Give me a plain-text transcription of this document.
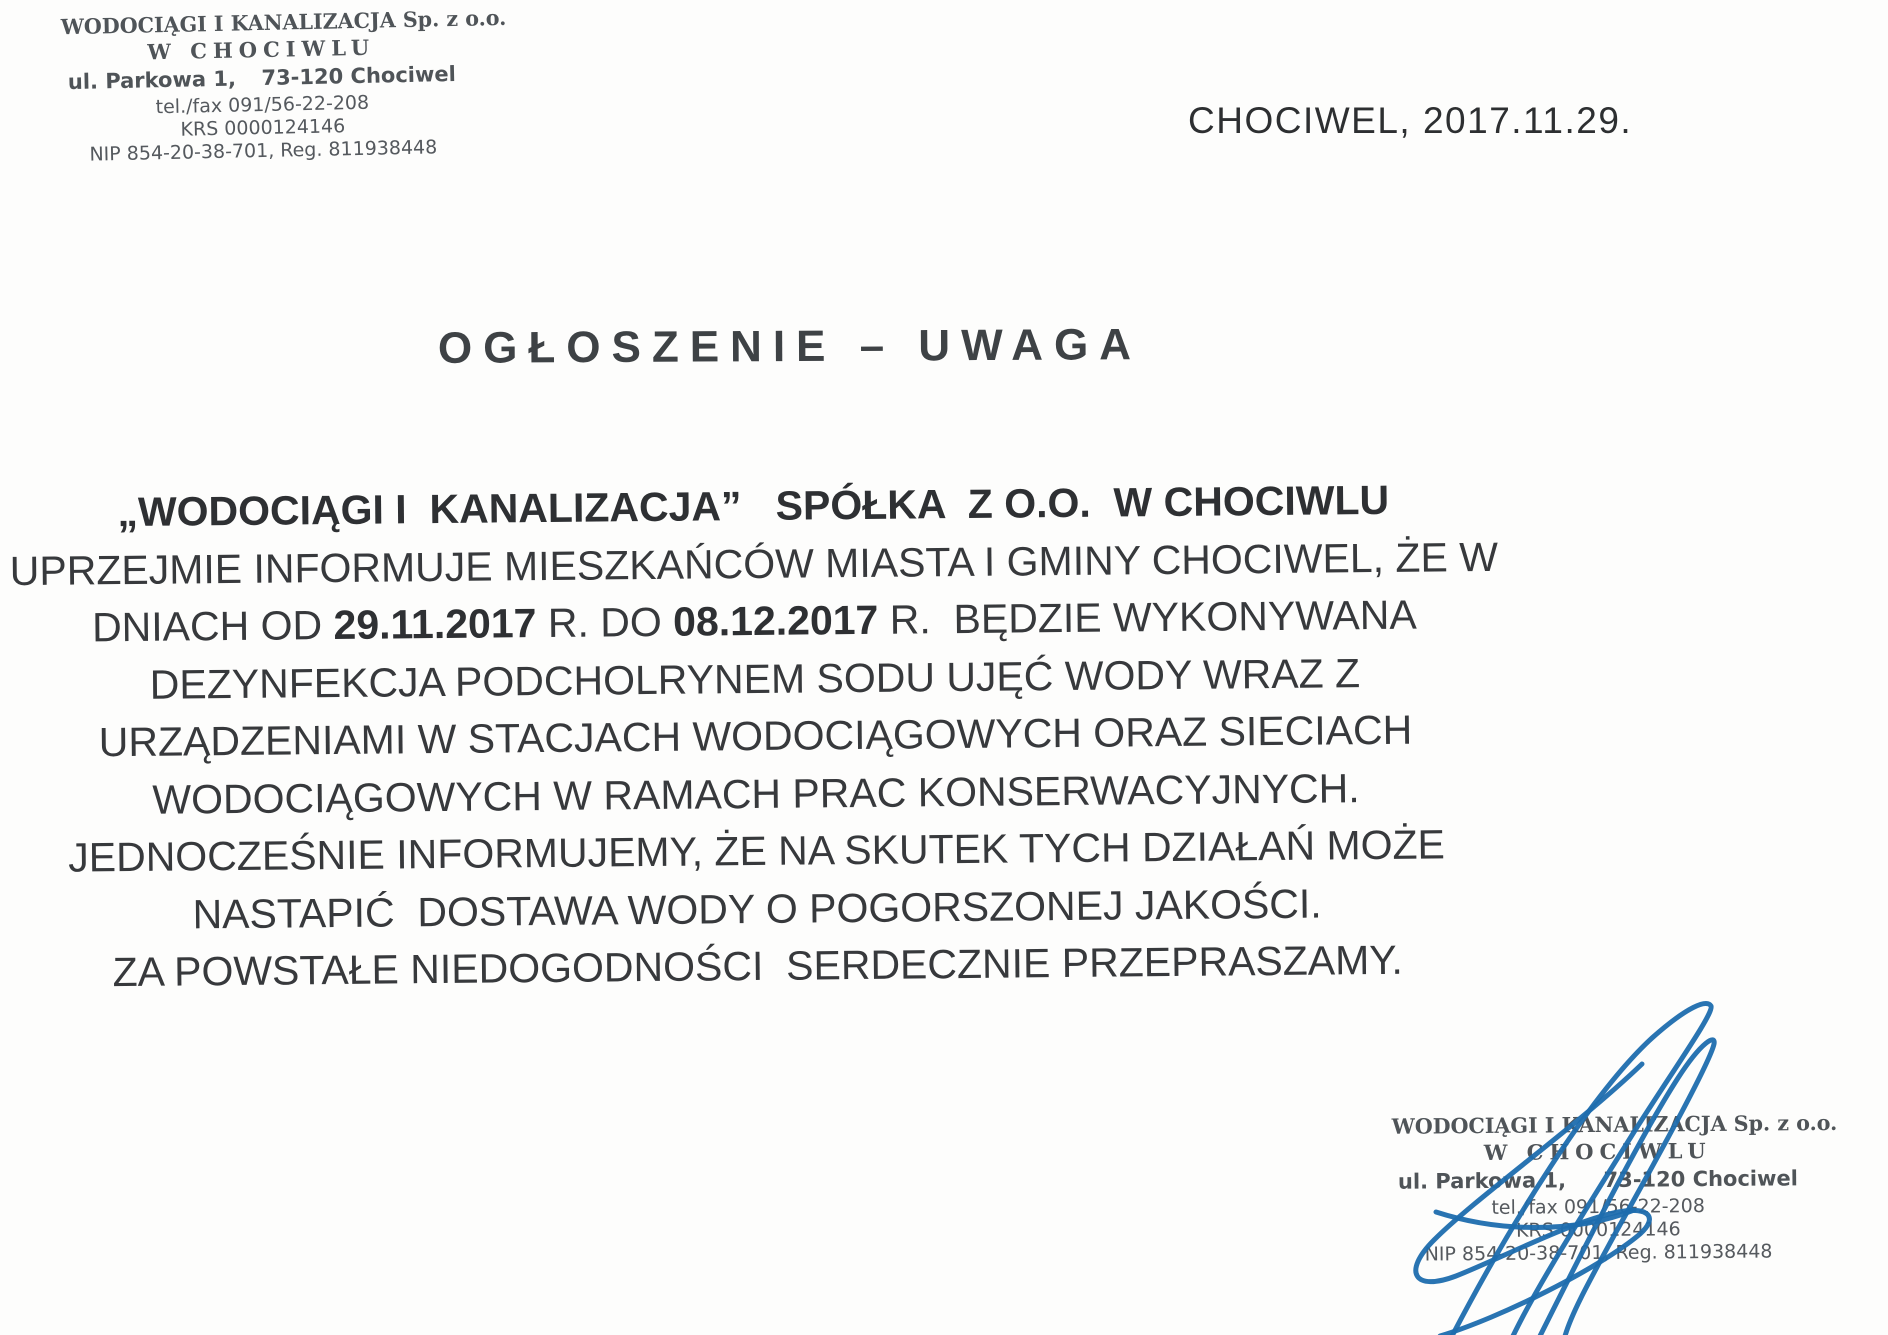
WODOCIĄGI I KANALIZACJA Sp. z o.o.
W CHOCIWLU
ul. Parkowa 1, 73-120 Chociwel
tel./fax 091/56-22-208
KRS 0000124146
NIP 854-20-38-701, Reg. 811938448
CHOCIWEL, 2017.11.29.
OGŁOSZENIE – UWAGA
„WODOCIĄGI I  KANALIZACJA”   SPÓŁKA  Z O.O.  W CHOCIWLU
UPRZEJMIE INFORMUJE MIESZKAŃCÓW MIASTA I GMINY CHOCIWEL, ŻE W
DNIACH OD 29.11.2017 R. DO 08.12.2017 R.  BĘDZIE WYKONYWANA
DEZYNFEKCJA PODCHOLRYNEM SODU UJĘĆ WODY WRAZ Z
URZĄDZENIAMI W STACJACH WODOCIĄGOWYCH ORAZ SIECIACH
WODOCIĄGOWYCH W RAMACH PRAC KONSERWACYJNYCH.
JEDNOCZEŚNIE INFORMUJEMY, ŻE NA SKUTEK TYCH DZIAŁAŃ MOŻE
NASTAPIĆ  DOSTAWA WODY O POGORSZONEJ JAKOŚCI.
ZA POWSTAŁE NIEDOGODNOŚCI  SERDECZNIE PRZEPRASZAMY.
WODOCIĄGI I KANALIZACJA Sp. z o.o.
W CHOCIWLU
ul. Parkowa 1, 73-120 Chociwel
tel./fax 091/56-22-208
KRS 0000124146
NIP 854-20-38-701, Reg. 811938448
